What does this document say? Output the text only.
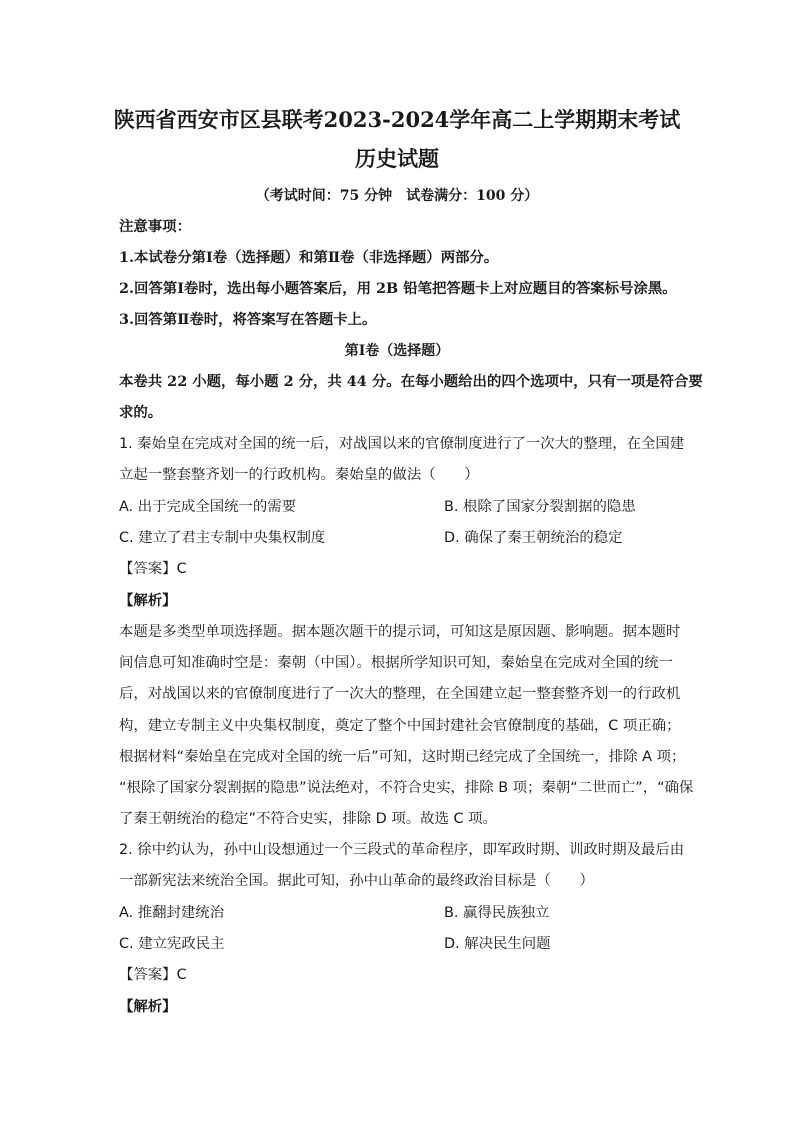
陕西省西安市区县联考2023-2024学年高二上学期期末考试
历史试题
（考试时间：75 分钟　试卷满分：100 分）
注意事项：
1.本试卷分第Ⅰ卷（选择题）和第Ⅱ卷（非选择题）两部分。
2.回答第Ⅰ卷时，选出每小题答案后，用 2B 铅笔把答题卡上对应题目的答案标号涂黑。
3.回答第Ⅱ卷时，将答案写在答题卡上。
第Ⅰ卷（选择题）
本卷共 22 小题，每小题 2 分，共 44 分。在每小题给出的四个选项中，只有一项是符合要
求的。
1. 秦始皇在完成对全国的统一后，对战国以来的官僚制度进行了一次大的整理，在全国建
立起一整套整齐划一的行政机构。秦始皇的做法（　　）
A. 出于完成全国统一的需要	B. 根除了国家分裂割据的隐患
C. 建立了君主专制中央集权制度	D. 确保了秦王朝统治的稳定
【答案】C
【解析】
本题是多类型单项选择题。据本题次题干的提示词，可知这是原因题、影响题。据本题时
间信息可知准确时空是：秦朝（中国）。根据所学知识可知，秦始皇在完成对全国的统一
后，对战国以来的官僚制度进行了一次大的整理，在全国建立起一整套整齐划一的行政机
构，建立专制主义中央集权制度，奠定了整个中国封建社会官僚制度的基础，C 项正确；
根据材料“秦始皇在完成对全国的统一后”可知，这时期已经完成了全国统一，排除 A 项；
“根除了国家分裂割据的隐患”说法绝对，不符合史实，排除 B 项；秦朝“二世而亡”，“确保
了秦王朝统治的稳定”不符合史实，排除 D 项。故选 C 项。
2. 徐中约认为，孙中山设想通过一个三段式的革命程序，即军政时期、训政时期及最后由
一部新宪法来统治全国。据此可知，孙中山革命的最终政治目标是（　　）
A. 推翻封建统治	B. 赢得民族独立
C. 建立宪政民主	D. 解决民生问题
【答案】C
【解析】
